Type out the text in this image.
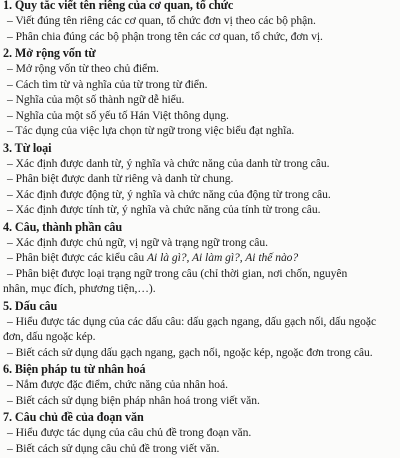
1. Quy tắc viết tên riêng của cơ quan, tổ chức

– Viết đúng tên riêng các cơ quan, tổ chức đơn vị theo các bộ phận.

– Phân chia đúng các bộ phận trong tên các cơ quan, tổ chức, đơn vị.

2. Mở rộng vốn từ

– Mở rộng vốn từ theo chủ điểm.

– Cách tìm từ và nghĩa của từ trong từ điển.

– Nghĩa của một số thành ngữ dễ hiểu.

– Nghĩa của một số yếu tố Hán Việt thông dụng.

– Tác dụng của việc lựa chọn từ ngữ trong việc biểu đạt nghĩa.

3. Từ loại

– Xác định được danh từ, ý nghĩa và chức năng của danh từ trong câu.

– Phân biệt được danh từ riêng và danh từ chung.

– Xác định được động từ, ý nghĩa và chức năng của động từ trong câu.

– Xác định được tính từ, ý nghĩa và chức năng của tính từ trong câu.

4. Câu, thành phần câu

– Xác định được chủ ngữ, vị ngữ và trạng ngữ trong câu.

– Phân biệt được các kiểu câu Ai là gì?, Ai làm gì?, Ai thế nào?

– Phân biệt được loại trạng ngữ trong câu (chỉ thời gian, nơi chốn, nguyên

nhân, mục đích, phương tiện,…).

5. Dấu câu

– Hiểu được tác dụng của các dấu câu: dấu gạch ngang, dấu gạch nối, dấu ngoặc

đơn, dấu ngoặc kép.

– Biết cách sử dụng dấu gạch ngang, gạch nối, ngoặc kép, ngoặc đơn trong câu.

6. Biện pháp tu từ nhân hoá

– Nắm được đặc điểm, chức năng của nhân hoá.

– Biết cách sử dụng biện pháp nhân hoá trong viết văn.

7. Câu chủ đề của đoạn văn

– Hiểu được tác dụng của câu chủ đề trong đoạn văn.

– Biết cách sử dụng câu chủ đề trong viết văn.
